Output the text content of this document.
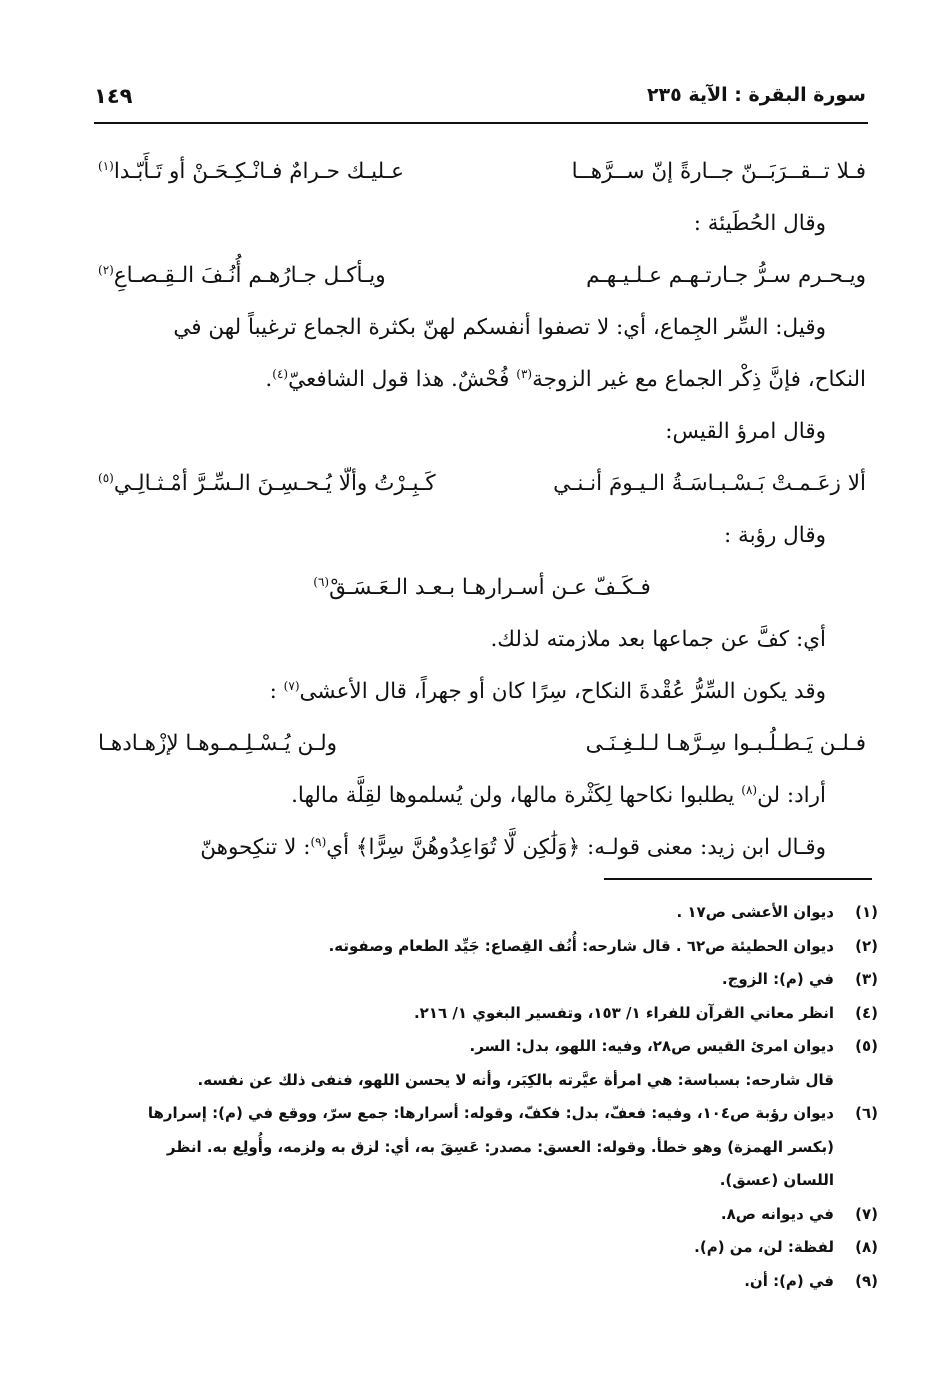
سورة البقرة : الآية ٢٣٥
١٤٩
فـلا تــقــرَبَــنّ جــارةً إنّ ســرَّهــا
عـليـك حـرامٌ فـانْـكِـحَـنْ أو تَـأَبّـدا$^{(١)}$
وقال الحُطَيئة :
ويـحـرم سـرُّ جـارتـهـم عـلـيـهـم
ويـأكـل جـارُهـم أُنُـفَ الـقِـصـاعِ$^{(٢)}$
وقيل: السِّر الجِماع، أي: لا تصفوا أنفسكم لهنّ بكثرة الجماع ترغيباً لهن في
النكاح، فإنَّ ذِكْر الجماع مع غير الزوجة$^{(٣)}$ فُحْشٌ. هذا قول الشافعيّ$^{(٤)}$.
وقال امرؤ القيس:
ألا زعَـمـتْ بَـسْـبـاسَـةُ الـيـومَ أنـنـي
كَـبِـرْتُ وألّا يُـحـسِـنَ الـسِّـرَّ أمْـثـالِـي$^{(٥)}$
وقال رؤبة :
فـكَـفّ عـن أسـرارهـا بـعـد الـعَـسَـقْ$^{(٦)}$
أي: كفَّ عن جماعها بعد ملازمته لذلك.
وقد يكون السِّرُّ عُقْدةَ النكاح، سِرًا كان أو جهراً، قال الأعشى$^{(٧)}$ :
فـلـن يَـطـلُـبـوا سِـرَّهـا لـلـغِـنَـى
ولـن يُـسْـلِـمـوهـا لإزْهـادهـا
أراد: لن$^{(٨)}$ يطلبوا نكاحها لِكَثْرة مالها، ولن يُسلموها لقِلَّة مالها.
وقـال ابن زيد: معنى قولـه: ﴿وَلَٰكِن لَّا تُوَاعِدُوهُنَّ سِرًّا﴾ أي$^{(٩)}$: لا تنكِحوهنّ
(١)
ديوان الأعشى ص١٧ .
(٢)
ديوان الحطيئة ص٦٢ . قال شارحه: أُنُف القِصاع: جَيِّد الطعام وصفوته.
(٣)
في (م): الزوج.
(٤)
انظر معاني القرآن للفراء ١/ ١٥٣، وتفسير البغوي ١/ ٢١٦.
(٥)
ديوان امرئ القيس ص٢٨، وفيه: اللهو، بدل: السر.
قال شارحه: بسباسة: هي امرأة عيَّرته بالكِبَر، وأنه لا يحسن اللهو، فنفى ذلك عن نفسه.
(٦)
ديوان رؤبة ص١٠٤، وفيه: فعفّ، بدل: فكفّ، وقوله: أسرارها: جمع سرّ، ووقع في (م): إسرارها
(بكسر الهمزة) وهو خطأ. وقوله: العسق: مصدر: عَسِقَ به، أي: لزق به ولزمه، وأُولِع به. انظر
اللسان (عسق).
(٧)
في ديوانه ص٨.
(٨)
لفظة: لن، من (م).
(٩)
في (م): أن.
